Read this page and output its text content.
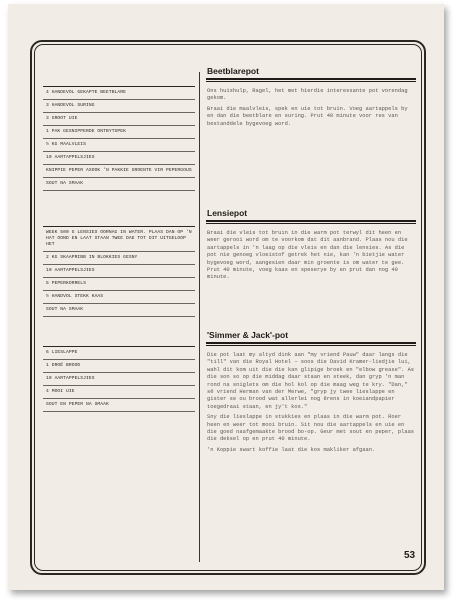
4 HANDEVOL GEKAPTE BEETBLARE
3 HANDEVOL SURING
3 GROOT UIE
1 PAK GESNIPPERDE ONTBYTSPEK
½ KG MAALVLEIS
10 AARTAPPELSJIES
KNIPPIE PEPER ASOOK 'N PAKKIE GROENTE VIR PEPERGOUS
SOUT NA SMAAK
WEEK 500 G LENSIES OORNAG IN WATER. PLAAS DAN OP 'N HAT OOND EN LAAT STAAN TWEE DAE TOT DIT UITGELOOP HET
2 KG SKAAPRIBB IN BLOKKIES GESNY
10 AARTAPPELSJIES
5 PEPERKORRELS
½ HANDVOL STEKK KAAS
SOUT NA SMAAK
6 LIESLAPPE
1 DROË BROOD
10 AARTAPPELSJIES
4 MOOI UIE
SOUT EN PEPER NA SMAAK
Beetblarepot

Ons huishulp, Ragel, het met hierdie interessante pot vorendag gekom.

Braai die maalvleis, spek en uie tot bruin. Voeg aartappels by en dan die beetblare en suring. Prut 40 minute voor res van bestanddele bygevoeg word.

Lensiepot

Braai die vleis tot bruin in die warm pot terwyl dit heen en weer gerooi word om te voorkom dat dit aanbrand. Plaas nou die aartappels in 'n laag op die vleis en dan die lensies. As die pot nie genoeg vloeistof getrek het nie, kan 'n bietjie water bygevoeg word, aangesien daar min groente is om water te gee. Prut 40 minute, voeg kaas en speserye by en prut dan nog 40 minute.

'Simmer & Jack'-pot

Die pot laat my altyd dink aan "my vriend Pauw" daar langs die "till" van die Royal Hotel – soos die David Kramer-liedjie lui, wahl dit kom uit die die kan glipige broek en "elbow grease". As die son so op die middag daar staan en steek, dan gryp 'n man rond na sniglets om die hol kol op die maag weg te kry. "Dan," sê vriend Herman van der Merwe, "gryp jy twee lieslappe en gister se ou brood wat allerlei nog êrens in koeiandpapier toegedraai staan, en jy't kos."

Sny die lieslappe in stukkies en plaas in die warm pot. Roer heen en weer tot mooi bruin. Sit nou die aartappels en uie en die goed naafgemaakte brood bo-op. Geur met sout en peper, plaas die deksel op en prut 40 minute.

'n Koppie swart koffie laat die kos makliker afgaan.

53
